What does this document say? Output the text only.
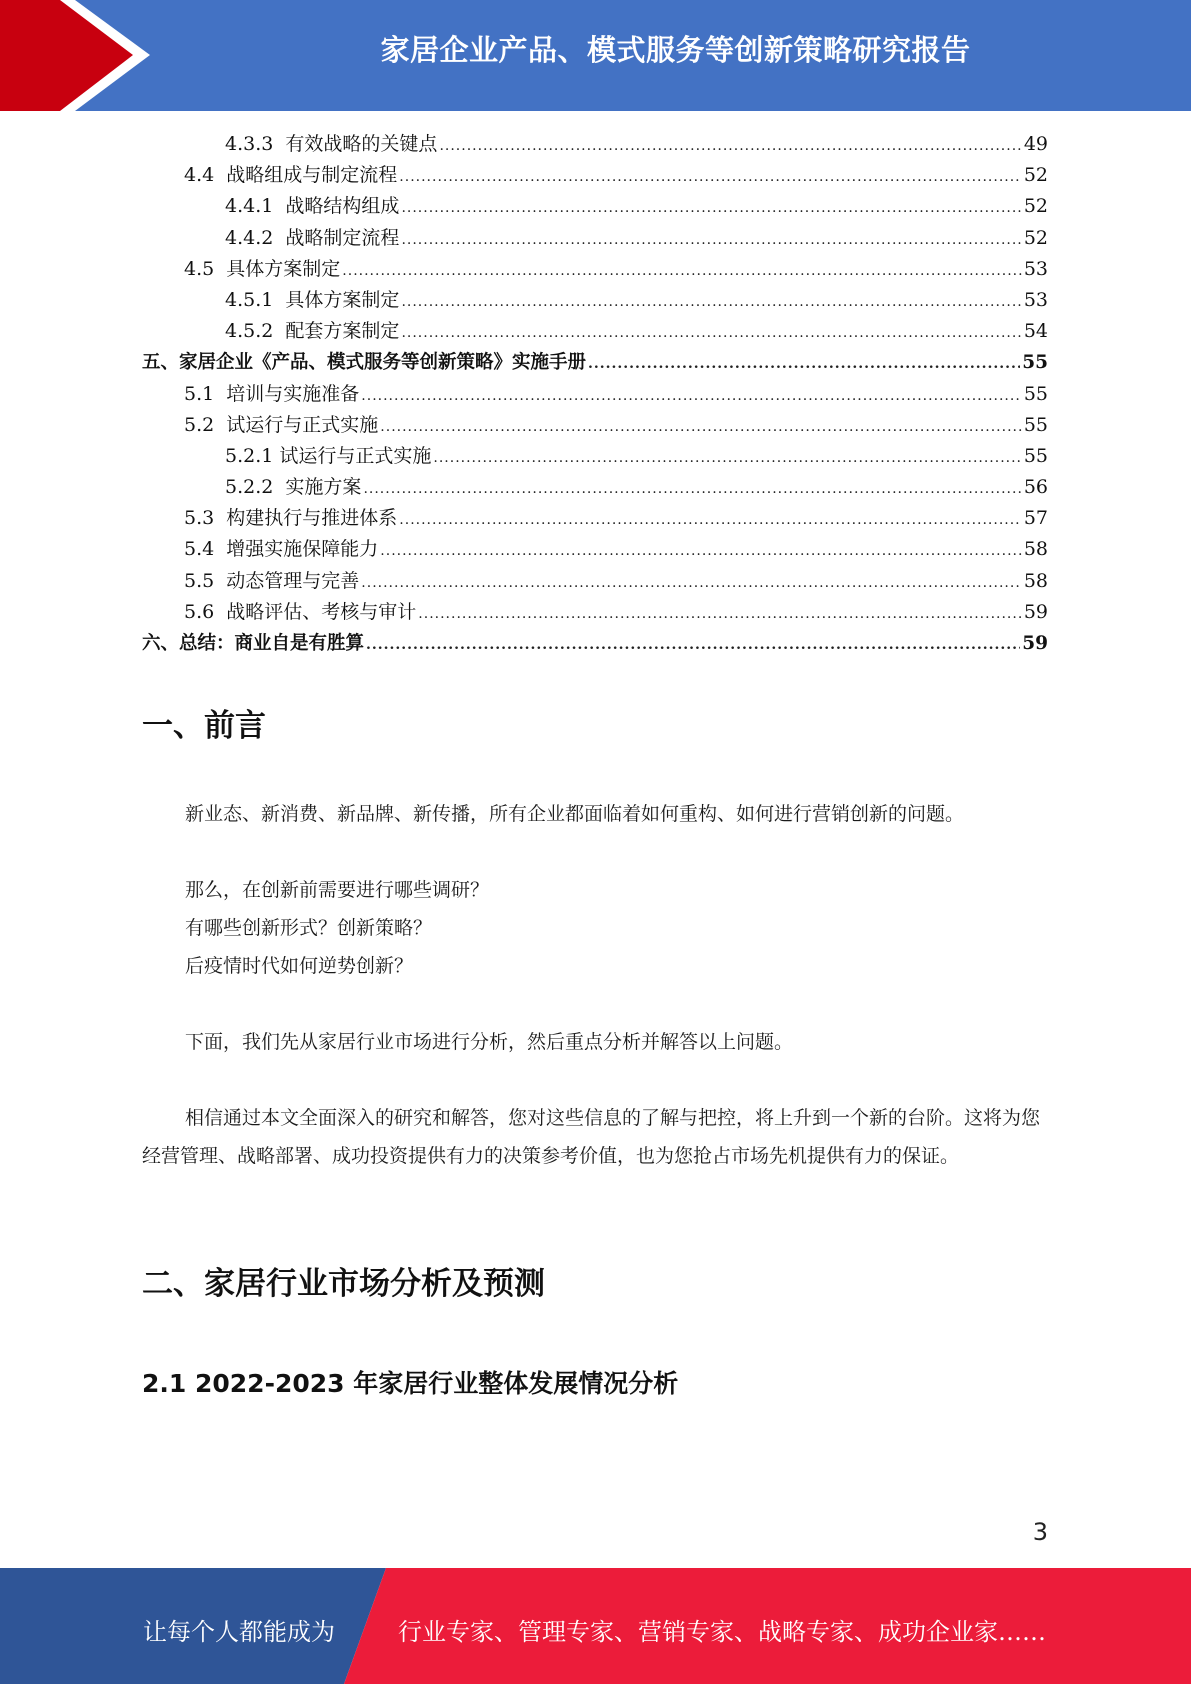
家居企业产品、模式服务等创新策略研究报告
4.3.3  有效战略的关键点 .....	49
4.4  战略组成与制定流程 .....	52
4.4.1  战略结构组成 .....	52
4.4.2  战略制定流程 .....	52
4.5  具体方案制定 .....	53
4.5.1  具体方案制定 .....	53
4.5.2  配套方案制定 .....	54
五、家居企业《产品、模式服务等创新策略》实施手册 .....	55
5.1  培训与实施准备 .....	55
5.2  试运行与正式实施 .....	55
5.2.1 试运行与正式实施 .....	55
5.2.2  实施方案 .....	56
5.3  构建执行与推进体系 .....	57
5.4  增强实施保障能力 .....	58
5.5  动态管理与完善 .....	58
5.6  战略评估、考核与审计 .....	59
六、总结：商业自是有胜算 .....	59
一、前言
新业态、新消费、新品牌、新传播，所有企业都面临着如何重构、如何进行营销创新的问题。
那么，在创新前需要进行哪些调研？
有哪些创新形式？创新策略？
后疫情时代如何逆势创新？
下面，我们先从家居行业市场进行分析，然后重点分析并解答以上问题。
相信通过本文全面深入的研究和解答，您对这些信息的了解与把控，将上升到一个新的台阶。这将为您经营管理、战略部署、成功投资提供有力的决策参考价值，也为您抢占市场先机提供有力的保证。
二、家居行业市场分析及预测
2.1 2022-2023 年家居行业整体发展情况分析
3
让每个人都能成为	行业专家、管理专家、营销专家、战略专家、成功企业家……
